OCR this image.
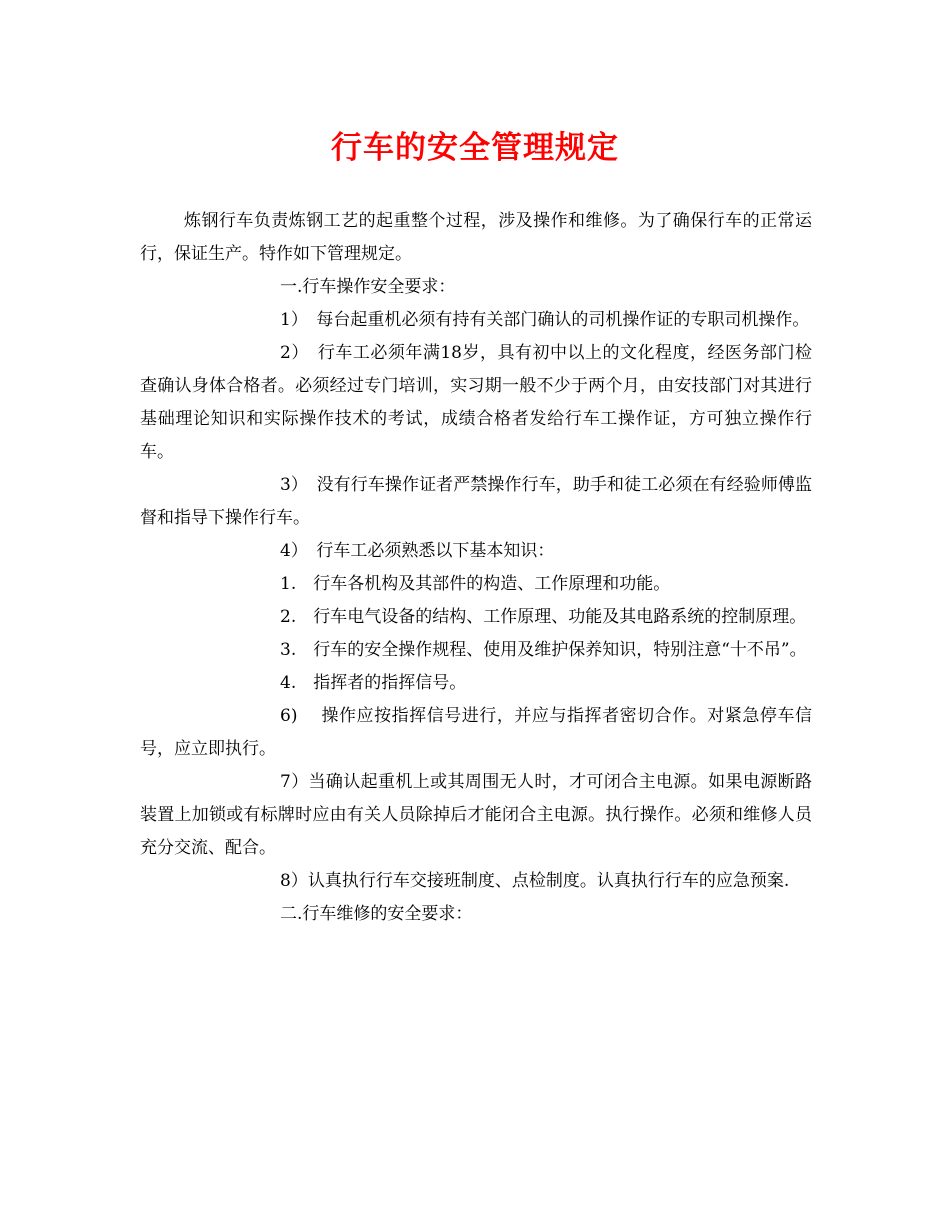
行车的安全管理规定

炼钢行车负责炼钢工艺的起重整个过程，涉及操作和维修。为了确保行车的正常运行，保证生产。特作如下管理规定。

一.行车操作安全要求：

1）　每台起重机必须有持有关部门确认的司机操作证的专职司机操作。

2）　行车工必须年满18岁，具有初中以上的文化程度，经医务部门检查确认身体合格者。必须经过专门培训，实习期一般不少于两个月，由安技部门对其进行基础理论知识和实际操作技术的考试，成绩合格者发给行车工操作证，方可独立操作行车。

3）　没有行车操作证者严禁操作行车，助手和徒工必须在有经验师傅监督和指导下操作行车。

4）　行车工必须熟悉以下基本知识：

1.　行车各机构及其部件的构造、工作原理和功能。

2.　行车电气设备的结构、工作原理、功能及其电路系统的控制原理。

3.　行车的安全操作规程、使用及维护保养知识，特别注意“十不吊”。

4.　指挥者的指挥信号。

6)　 操作应按指挥信号进行，并应与指挥者密切合作。对紧急停车信号，应立即执行。

7）当确认起重机上或其周围无人时，才可闭合主电源。如果电源断路装置上加锁或有标牌时应由有关人员除掉后才能闭合主电源。执行操作。必须和维修人员充分交流、配合。

8）认真执行行车交接班制度、点检制度。认真执行行车的应急预案.

二.行车维修的安全要求：
